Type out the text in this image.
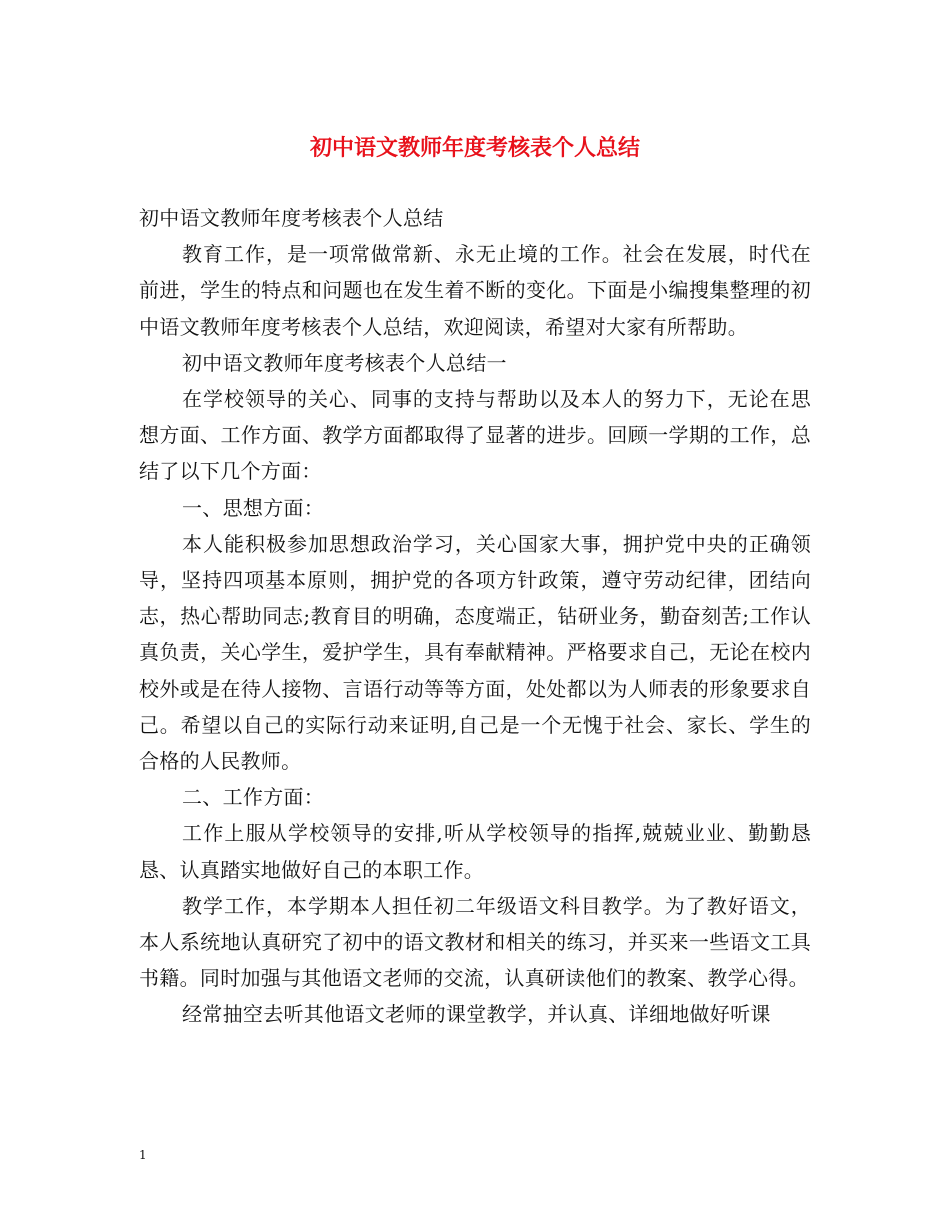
初中语文教师年度考核表个人总结

初中语文教师年度考核表个人总结

教育工作，是一项常做常新、永无止境的工作。社会在发展，时代在前进，学生的特点和问题也在发生着不断的变化。下面是小编搜集整理的初中语文教师年度考核表个人总结，欢迎阅读，希望对大家有所帮助。

初中语文教师年度考核表个人总结一

在学校领导的关心、同事的支持与帮助以及本人的努力下，无论在思想方面、工作方面、教学方面都取得了显著的进步。回顾一学期的工作，总结了以下几个方面：

一、思想方面：

本人能积极参加思想政治学习，关心国家大事，拥护党中央的正确领导，坚持四项基本原则，拥护党的各项方针政策，遵守劳动纪律，团结向志，热心帮助同志;教育目的明确，态度端正，钻研业务，勤奋刻苦;工作认真负责，关心学生，爱护学生，具有奉献精神。严格要求自己，无论在校内校外或是在待人接物、言语行动等等方面，处处都以为人师表的形象要求自己。希望以自己的实际行动来证明,自己是一个无愧于社会、家长、学生的合格的人民教师。

二、工作方面：

工作上服从学校领导的安排,听从学校领导的指挥,兢兢业业、勤勤恳恳、认真踏实地做好自己的本职工作。

教学工作，本学期本人担任初二年级语文科目教学。为了教好语文，本人系统地认真研究了初中的语文教材和相关的练习，并买来一些语文工具书籍。同时加强与其他语文老师的交流，认真研读他们的教案、教学心得。

经常抽空去听其他语文老师的课堂教学，并认真、详细地做好听课

1
